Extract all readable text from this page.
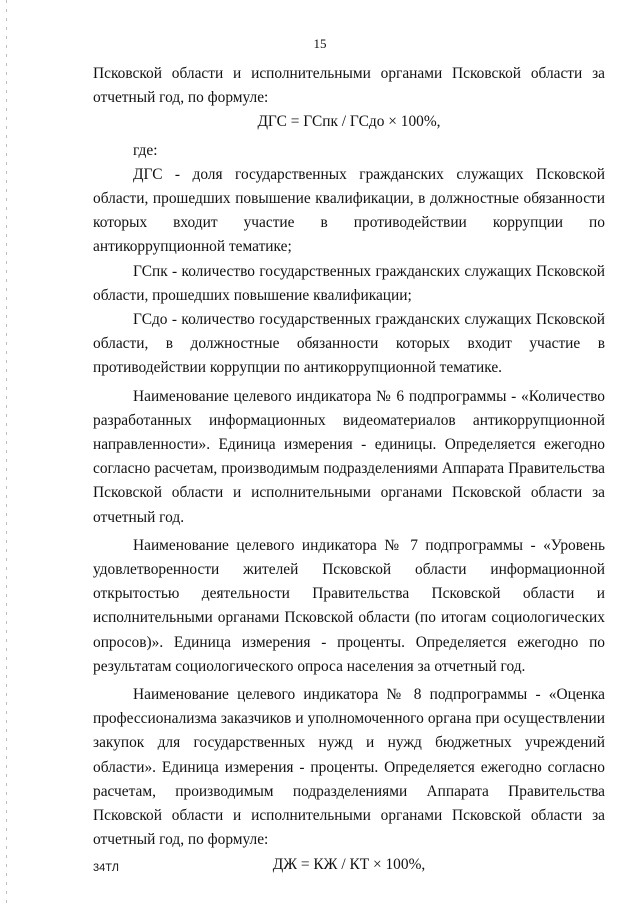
15

Псковской области и исполнительными органами Псковской области за отчетный год, по формуле:

ДГС = ГСпк / ГСдо × 100%,

где:

ДГС - доля государственных гражданских служащих Псковской области, прошедших повышение квалификации, в должностные обязанности которых входит участие в противодействии коррупции по антикоррупционной тематике;

ГСпк - количество государственных гражданских служащих Псковской области, прошедших повышение квалификации;

ГСдо - количество государственных гражданских служащих Псковской области, в должностные обязанности которых входит участие в противодействии коррупции по антикоррупционной тематике.

Наименование целевого индикатора № 6 подпрограммы - «Количество разработанных информационных видеоматериалов антикоррупционной направленности». Единица измерения - единицы. Определяется ежегодно согласно расчетам, производимым подразделениями Аппарата Правительства Псковской области и исполнительными органами Псковской области за отчетный год.

Наименование целевого индикатора № 7 подпрограммы - «Уровень удовлетворенности жителей Псковской области информационной открытостью деятельности Правительства Псковской области и исполнительными органами Псковской области (по итогам социологических опросов)». Единица измерения - проценты. Определяется ежегодно по результатам социологического опроса населения за отчетный год.

Наименование целевого индикатора № 8 подпрограммы - «Оценка профессионализма заказчиков и уполномоченного органа при осуществлении закупок для государственных нужд и нужд бюджетных учреждений области». Единица измерения - проценты. Определяется ежегодно согласно расчетам, производимым подразделениями Аппарата Правительства Псковской области и исполнительными органами Псковской области за отчетный год, по формуле:

ДЖ = КЖ / КТ × 100%,

34ТЛ
